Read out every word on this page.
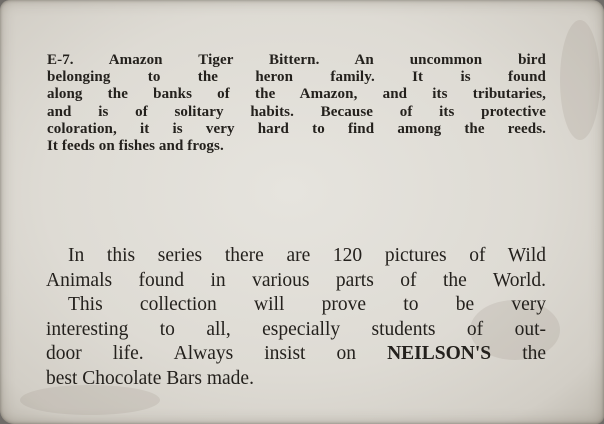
E-7. Amazon Tiger Bittern. An uncommon bird
belonging to the heron family. It is found
along the banks of the Amazon, and its tributaries,
and is of solitary habits. Because of its protective
coloration, it is very hard to find among the reeds.
It feeds on fishes and frogs.
In this series there are 120 pictures of Wild
Animals found in various parts of the World.
This collection will prove to be very
interesting to all, especially students of out-
door life. Always insist on NEILSON'S the
best Chocolate Bars made.
